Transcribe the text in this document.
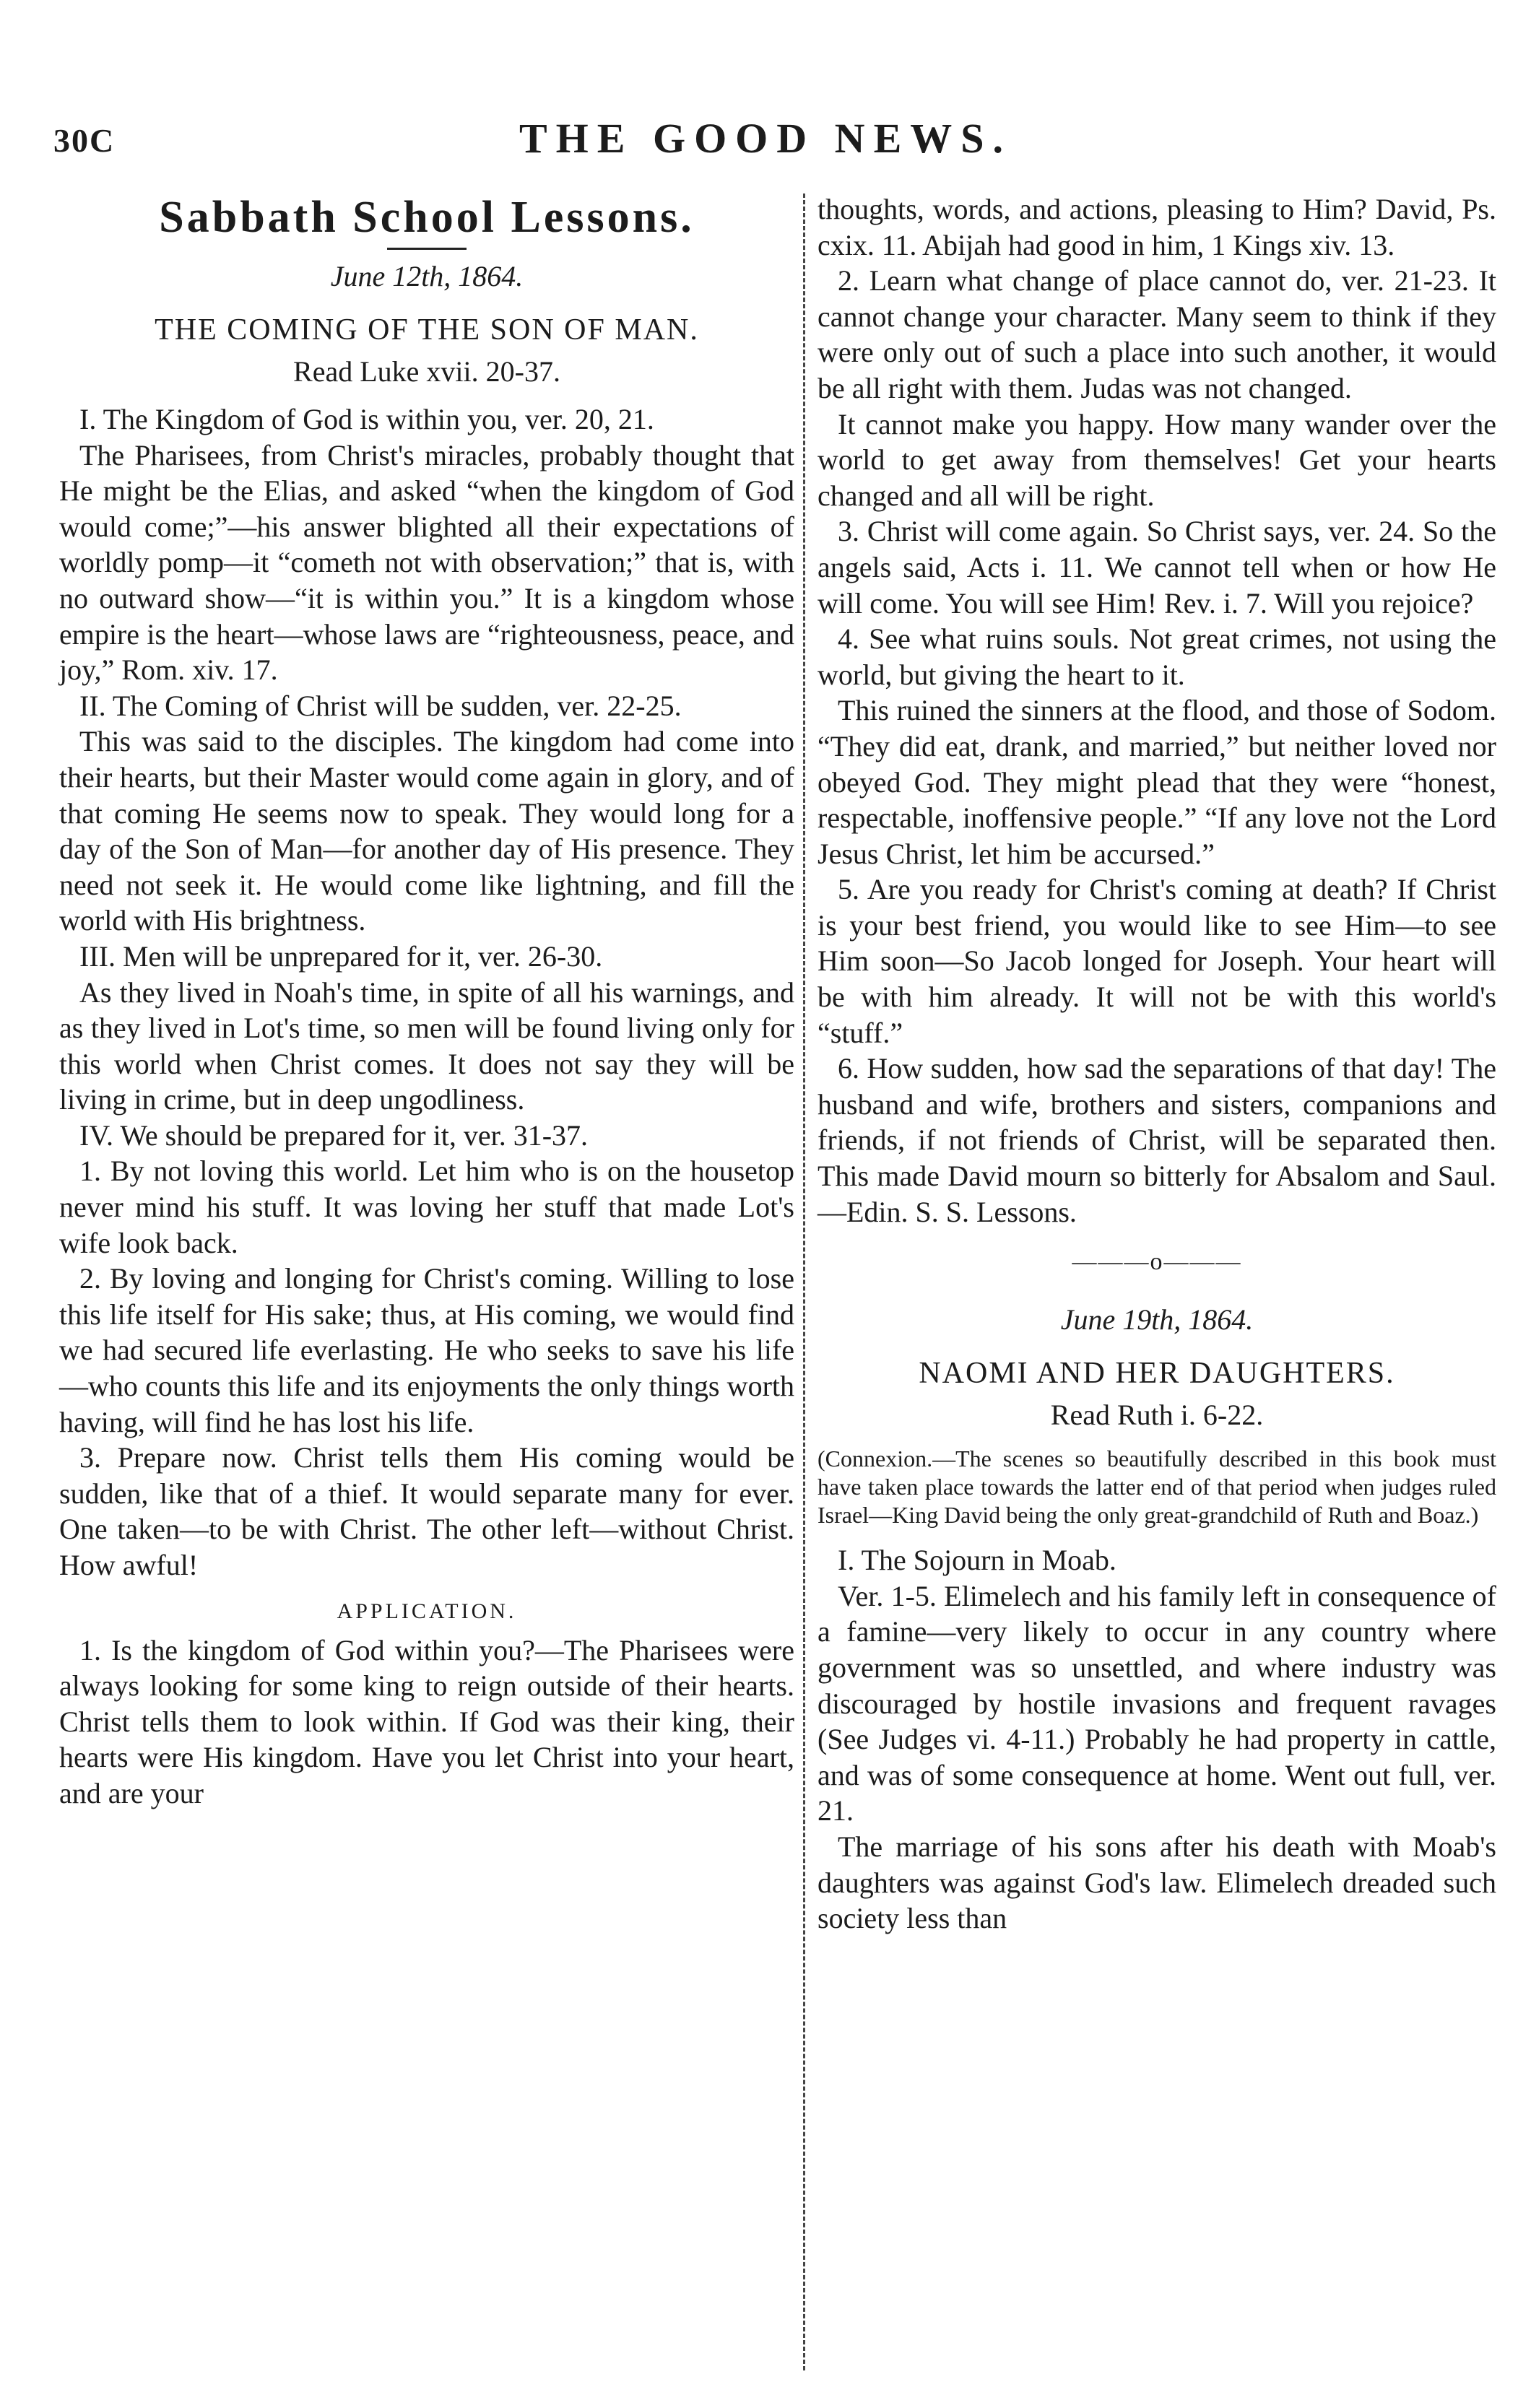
30C	THE GOOD NEWS.
Sabbath School Lessons.
June 12th, 1864.
THE COMING OF THE SON OF MAN.
Read Luke xvii. 20-37.

I. The Kingdom of God is within you, ver. 20, 21.

The Pharisees, from Christ's miracles, probably thought that He might be the Elias, and asked “when the kingdom of God would come;”—his answer blighted all their expectations of worldly pomp—it “cometh not with observation;” that is, with no outward show—“it is within you.” It is a kingdom whose empire is the heart—whose laws are “righteousness, peace, and joy,” Rom. xiv. 17.

II. The Coming of Christ will be sudden, ver. 22-25.

This was said to the disciples. The kingdom had come into their hearts, but their Master would come again in glory, and of that coming He seems now to speak. They would long for a day of the Son of Man—for another day of His presence. They need not seek it. He would come like lightning, and fill the world with His brightness.

III. Men will be unprepared for it, ver. 26-30.

As they lived in Noah's time, in spite of all his warnings, and as they lived in Lot's time, so men will be found living only for this world when Christ comes. It does not say they will be living in crime, but in deep ungodliness.

IV. We should be prepared for it, ver. 31-37.

1. By not loving this world. Let him who is on the housetop never mind his stuff. It was loving her stuff that made Lot's wife look back.

2. By loving and longing for Christ's coming. Willing to lose this life itself for His sake; thus, at His coming, we would find we had secured life everlasting. He who seeks to save his life—who counts this life and its enjoyments the only things worth having, will find he has lost his life.

3. Prepare now. Christ tells them His coming would be sudden, like that of a thief. It would separate many for ever. One taken—to be with Christ. The other left—without Christ. How awful!

APPLICATION.

1. Is the kingdom of God within you?—The Pharisees were always looking for some king to reign outside of their hearts. Christ tells them to look within. If God was their king, their hearts were His kingdom. Have you let Christ into your heart, and are your

thoughts, words, and actions, pleasing to Him? David, Ps. cxix. 11. Abijah had good in him, 1 Kings xiv. 13.

2. Learn what change of place cannot do, ver. 21-23. It cannot change your character. Many seem to think if they were only out of such a place into such another, it would be all right with them. Judas was not changed.

It cannot make you happy. How many wander over the world to get away from themselves! Get your hearts changed and all will be right.

3. Christ will come again. So Christ says, ver. 24. So the angels said, Acts i. 11. We cannot tell when or how He will come. You will see Him! Rev. i. 7. Will you rejoice?

4. See what ruins souls. Not great crimes, not using the world, but giving the heart to it.

This ruined the sinners at the flood, and those of Sodom. “They did eat, drank, and married,” but neither loved nor obeyed God. They might plead that they were “honest, respectable, inoffensive people.” “If any love not the Lord Jesus Christ, let him be accursed.”

5. Are you ready for Christ's coming at death? If Christ is your best friend, you would like to see Him—to see Him soon—So Jacob longed for Joseph. Your heart will be with him already. It will not be with this world's “stuff.”

6. How sudden, how sad the separations of that day! The husband and wife, brothers and sisters, companions and friends, if not friends of Christ, will be separated then. This made David mourn so bitterly for Absalom and Saul.—Edin. S. S. Lessons.

———o———
June 19th, 1864.
NAOMI AND HER DAUGHTERS.
Read Ruth i. 6-22.

(Connexion.—The scenes so beautifully described in this book must have taken place towards the latter end of that period when judges ruled Israel—King David being the only great-grandchild of Ruth and Boaz.)

I. The Sojourn in Moab.

Ver. 1-5. Elimelech and his family left in consequence of a famine—very likely to occur in any country where government was so unsettled, and where industry was discouraged by hostile invasions and frequent ravages (See Judges vi. 4-11.) Probably he had property in cattle, and was of some consequence at home. Went out full, ver. 21.

The marriage of his sons after his death with Moab's daughters was against God's law. Elimelech dreaded such society less than
